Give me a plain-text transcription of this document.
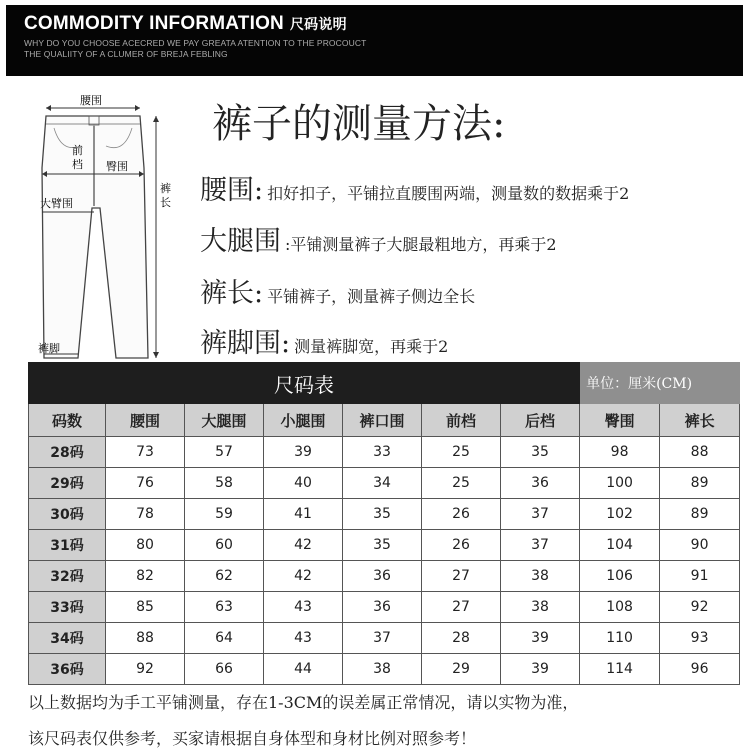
COMMODITY INFORMATION 尺码说明
WHY DO YOU CHOOSE ACECRED WE PAY GREATA ATENTION TO THE PROCOUCT
THE QUALIITY OF A CLUMER OF BREJA FEBLING
腰围
前
档 臀围
大臂围
裤
长
裤脚
裤子的测量方法:
腰围: 扣好扣子，平铺拉直腰围两端，测量数的数据乘于2
大腿围 :平铺测量裤子大腿最粗地方，再乘于2
裤长: 平铺裤子，测量裤子侧边全长
裤脚围: 测量裤脚宽，再乘于2
尺码表							单位：厘米(CM)	
码数	腰围	大腿围	小腿围	裤口围	前档	后档	臀围	裤长
28码	73	57	39	33	25	35	98	88
29码	76	58	40	34	25	36	100	89
30码	78	59	41	35	26	37	102	89
31码	80	60	42	35	26	37	104	90
32码	82	62	42	36	27	38	106	91
33码	85	63	43	36	27	38	108	92
34码	88	64	43	37	28	39	110	93
36码	92	66	44	38	29	39	114	96
以上数据均为手工平铺测量，存在1-3CM的误差属正常情况，请以实物为准，
该尺码表仅供参考，买家请根据自身体型和身材比例对照参考！
